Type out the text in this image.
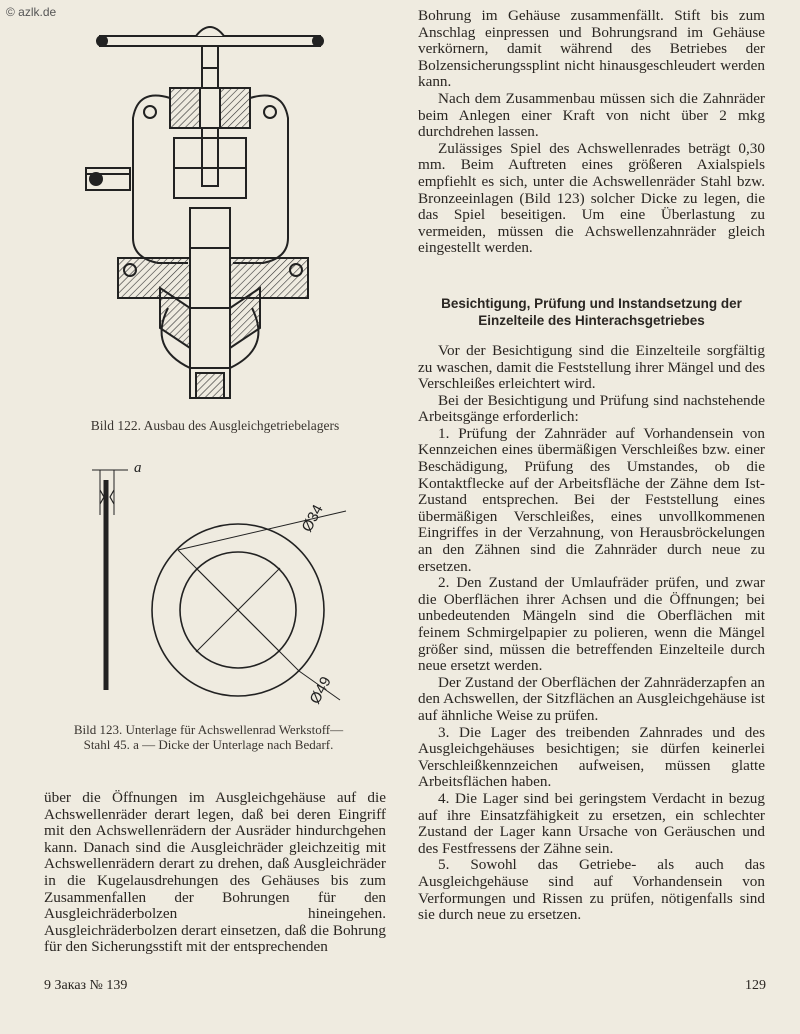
© azlk.de
Bild 122. Ausbau des Ausgleichgetriebelagers
a
Ø34
Ø49
Bild 123. Unterlage für Achswellenrad Werkstoff—
Stahl 45. a — Dicke der Unterlage nach Bedarf.

Bohrung im Gehäuse zusammenfällt. Stift bis zum Anschlag einpressen und Bohrungsrand im Gehäuse verkörnern, damit während des Betriebes der Bolzensicherungssplint nicht hinausgeschleudert werden kann.

Nach dem Zusammenbau müssen sich die Zahnräder beim Anlegen einer Kraft von nicht über 2 mkg durchdrehen lassen.

Zulässiges Spiel des Achswellenrades beträgt 0,30 mm. Beim Auftreten eines größeren Axialspiels empfiehlt es sich, unter die Achswellenräder Stahl bzw. Bronzeeinlagen (Bild 123) solcher Dicke zu legen, die das Spiel beseitigen. Um eine Überlastung zu vermeiden, müssen die Achswellenzahnräder gleich eingestellt werden.

Besichtigung, Prüfung und Instandsetzung der Einzelteile des Hinterachsgetriebes

Vor der Besichtigung sind die Einzelteile sorgfältig zu waschen, damit die Feststellung ihrer Mängel und des Verschleißes erleichtert wird.

Bei der Besichtigung und Prüfung sind nachstehende Arbeitsgänge erforderlich:

1. Prüfung der Zahnräder auf Vorhandensein von Kennzeichen eines übermäßigen Verschleißes bzw. einer Beschädigung, Prüfung des Umstandes, ob die Kontaktflecke auf der Arbeitsfläche der Zähne dem Ist-Zustand entsprechen. Bei der Feststellung eines übermäßigen Verschleißes, eines unvollkommenen Eingriffes in der Verzahnung, von Herausbröckelungen an den Zähnen sind die Zahnräder durch neue zu ersetzen.

2. Den Zustand der Umlaufräder prüfen, und zwar die Oberflächen ihrer Achsen und die Öffnungen; bei unbedeutenden Mängeln sind die Oberflächen mit feinem Schmirgelpapier zu polieren, wenn die Mängel größer sind, müssen die betreffenden Einzelteile durch neue ersetzt werden.

Der Zustand der Oberflächen der Zahnräderzapfen an den Achswellen, der Sitzflächen an Ausgleichgehäuse ist auf ähnliche Weise zu prüfen.

3. Die Lager des treibenden Zahnrades und des Ausgleichgehäuses besichtigen; sie dürfen keinerlei Verschleißkennzeichen aufweisen, müssen glatte Arbeitsflächen haben.

4. Die Lager sind bei geringstem Verdacht in bezug auf ihre Einsatzfähigkeit zu ersetzen, ein schlechter Zustand der Lager kann Ursache von Geräuschen und des Festfressens der Zähne sein.

5. Sowohl das Getriebe- als auch das Ausgleichgehäuse sind auf Vorhandensein von Verformungen und Rissen zu prüfen, nötigenfalls sind sie durch neue zu ersetzen.

über die Öffnungen im Ausgleichgehäuse auf die Achswellenräder derart legen, daß bei deren Eingriff mit den Achswellenrädern der Ausräder hindurchgehen kann. Danach sind die Ausgleichräder gleichzeitig mit Achswellenrädern derart zu drehen, daß Ausgleichräder in die Kugelausdrehungen des Gehäuses bis zum Zusammenfallen der Bohrungen für den Ausgleichräderbolzen hineingehen. Ausgleichräderbolzen derart einsetzen, daß die Bohrung für den Sicherungsstift mit der entsprechenden

9 Заказ № 139	129
